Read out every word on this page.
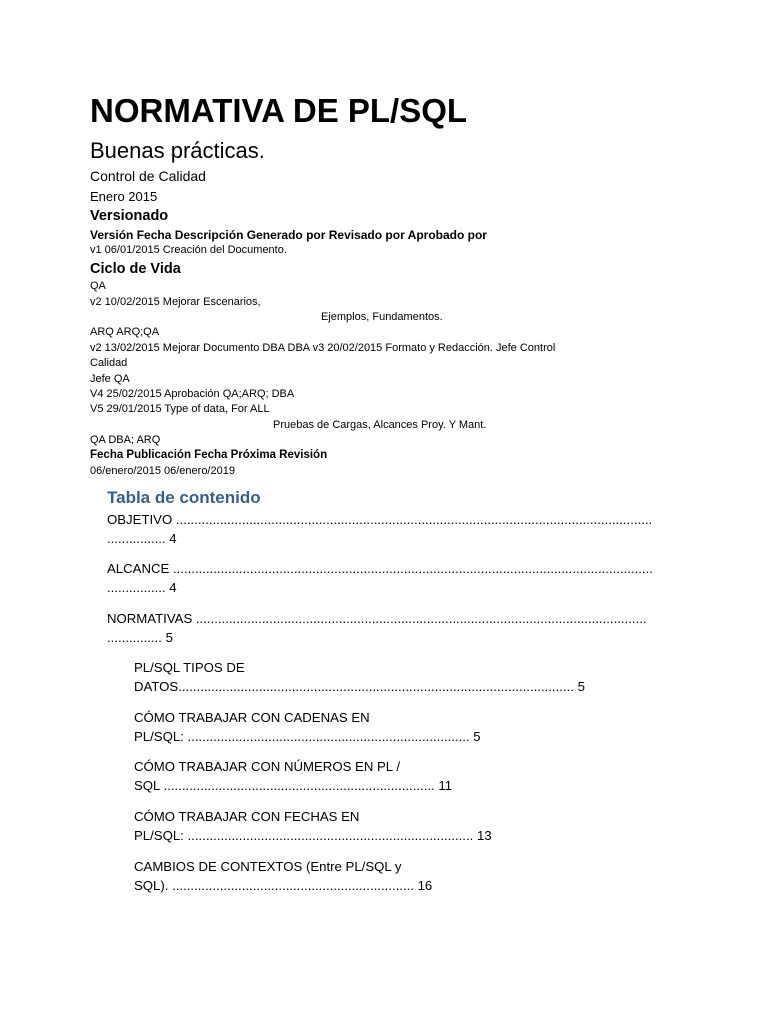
NORMATIVA DE PL/SQL
Buenas prácticas.
Control de Calidad
Enero 2015
Versionado
Versión Fecha Descripción Generado por Revisado por Aprobado por
v1 06/01/2015 Creación del Documento.
Ciclo de Vida
QA
v2 10/02/2015 Mejorar Escenarios,
Ejemplos, Fundamentos.
ARQ ARQ;QA
v2 13/02/2015 Mejorar Documento DBA DBA v3 20/02/2015 Formato y Redacción. Jefe Control
Calidad
Jefe QA
V4 25/02/2015 Aprobación QA;ARQ; DBA
V5 29/01/2015 Type of data, For ALL
Pruebas de Cargas, Alcances Proy. Y Mant.
QA DBA; ARQ
Fecha Publicación Fecha Próxima Revisión
06/enero/2015 06/enero/2019
Tabla de contenido
OBJETIVO ..................................................................................................................................
................ 4
ALCANCE ...................................................................................................................................
................ 4
NORMATIVAS ...........................................................................................................................
............... 5
PL/SQL TIPOS DE
DATOS............................................................................................................ 5
CÓMO TRABAJAR CON CADENAS EN
PL/SQL: ............................................................................. 5
CÓMO TRABAJAR CON NÚMEROS EN PL /
SQL .......................................................................... 11
CÓMO TRABAJAR CON FECHAS EN
PL/SQL: .............................................................................. 13
CAMBIOS DE CONTEXTOS (Entre PL/SQL y
SQL). .................................................................. 16
